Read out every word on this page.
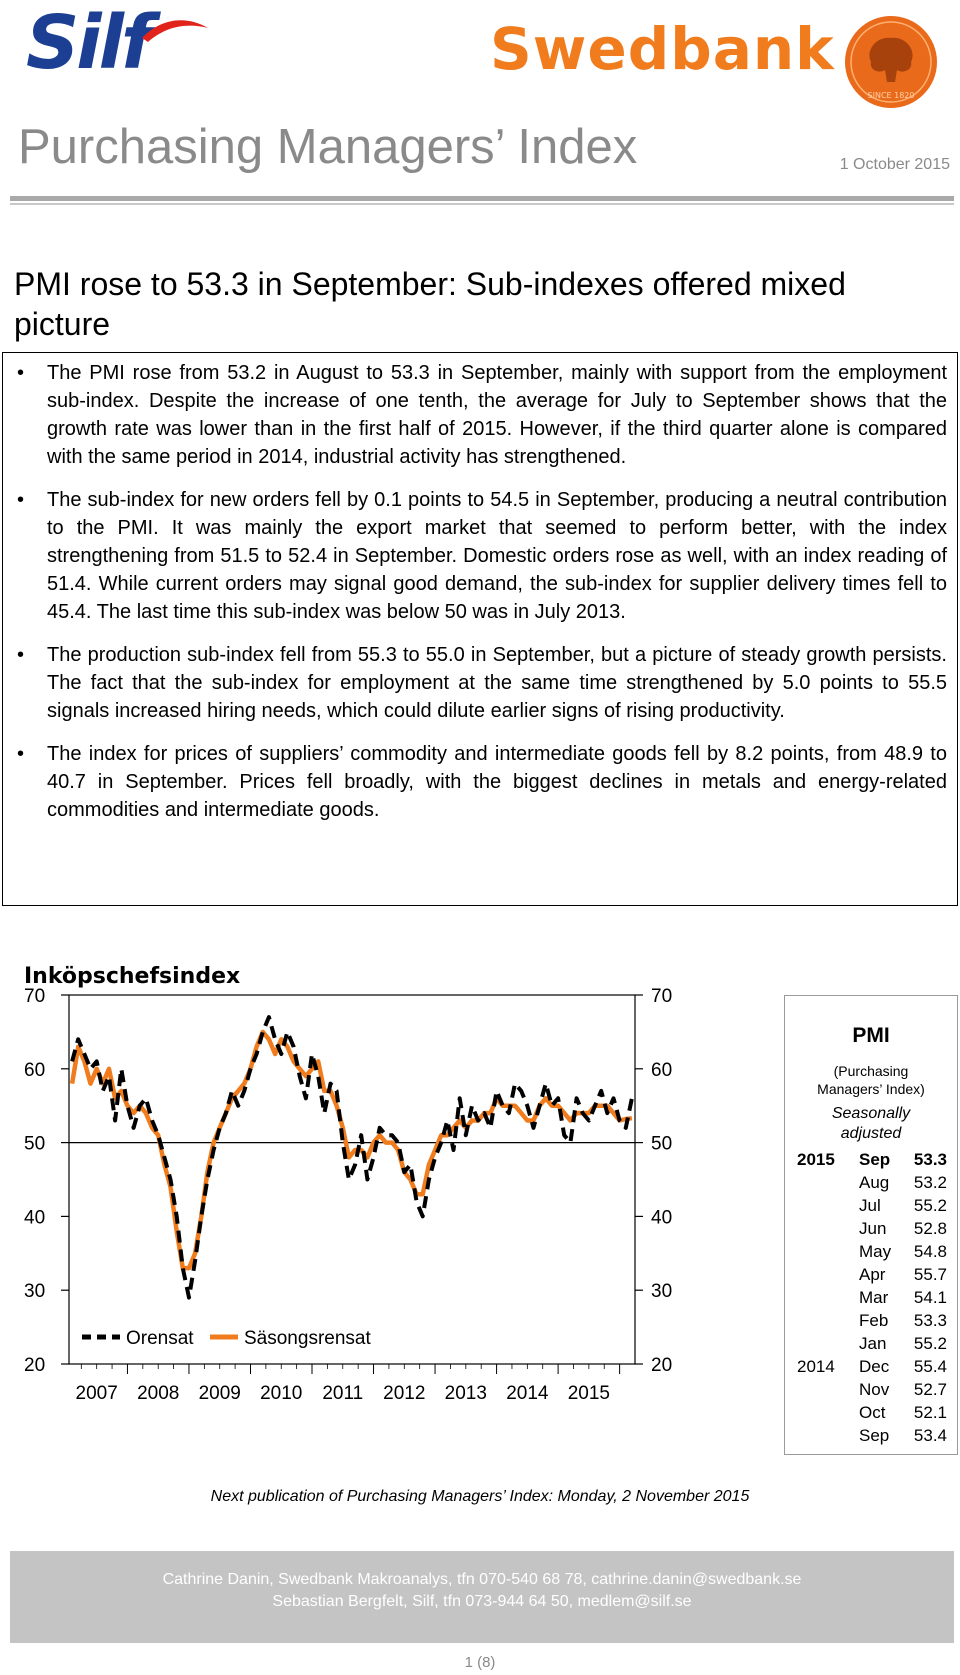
Silf	Swedbank
SINCE 1820
Purchasing Managers’ Index	1 October 2015
PMI rose to 53.3 in September: Sub-indexes offered mixed picture
• The PMI rose from 53.2 in August to 53.3 in September, mainly with support from the employment sub-index. Despite the increase of one tenth, the average for July to September shows that the growth rate was lower than in the first half of 2015. However, if the third quarter alone is compared with the same period in 2014, industrial activity has strengthened.
• The sub-index for new orders fell by 0.1 points to 54.5 in September, producing a neutral contribution to the PMI. It was mainly the export market that seemed to perform better, with the index strengthening from 51.5 to 52.4 in September. Domestic orders rose as well, with an index reading of 51.4. While current orders may signal good demand, the sub-index for supplier delivery times fell to 45.4. The last time this sub-index was below 50 was in July 2013.
• The production sub-index fell from 55.3 to 55.0 in September, but a picture of steady growth persists. The fact that the sub-index for employment at the same time strengthened by 5.0 points to 55.5 signals increased hiring needs, which could dilute earlier signs of rising productivity.
• The index for prices of suppliers’ commodity and intermediate goods fell by 8.2 points, from 48.9 to 40.7 in September. Prices fell broadly, with the biggest declines in metals and energy-related commodities and intermediate goods.
Inköpschefsindex
20
30
40
50
60
70
20
30
40
50
60
70
2007 2008 2009 2010 2011 2012 2013 2014 2015
Orensat	Säsongsrensat
PMI
(Purchasing
Managers’ Index)
Seasonally
adjusted
2015 Sep 53.3
Aug 53.2
Jul 55.2
Jun 52.8
May 54.8
Apr 55.7
Mar 54.1
Feb 53.3
Jan 55.2
2014 Dec 55.4
Nov 52.7
Oct 52.1
Sep 53.4
Next publication of Purchasing Managers’ Index: Monday, 2 November 2015
Cathrine Danin, Swedbank Makroanalys, tfn 070-540 68 78, cathrine.danin@swedbank.se
Sebastian Bergfelt, Silf, tfn 073-944 64 50, medlem@silf.se
1 (8)
